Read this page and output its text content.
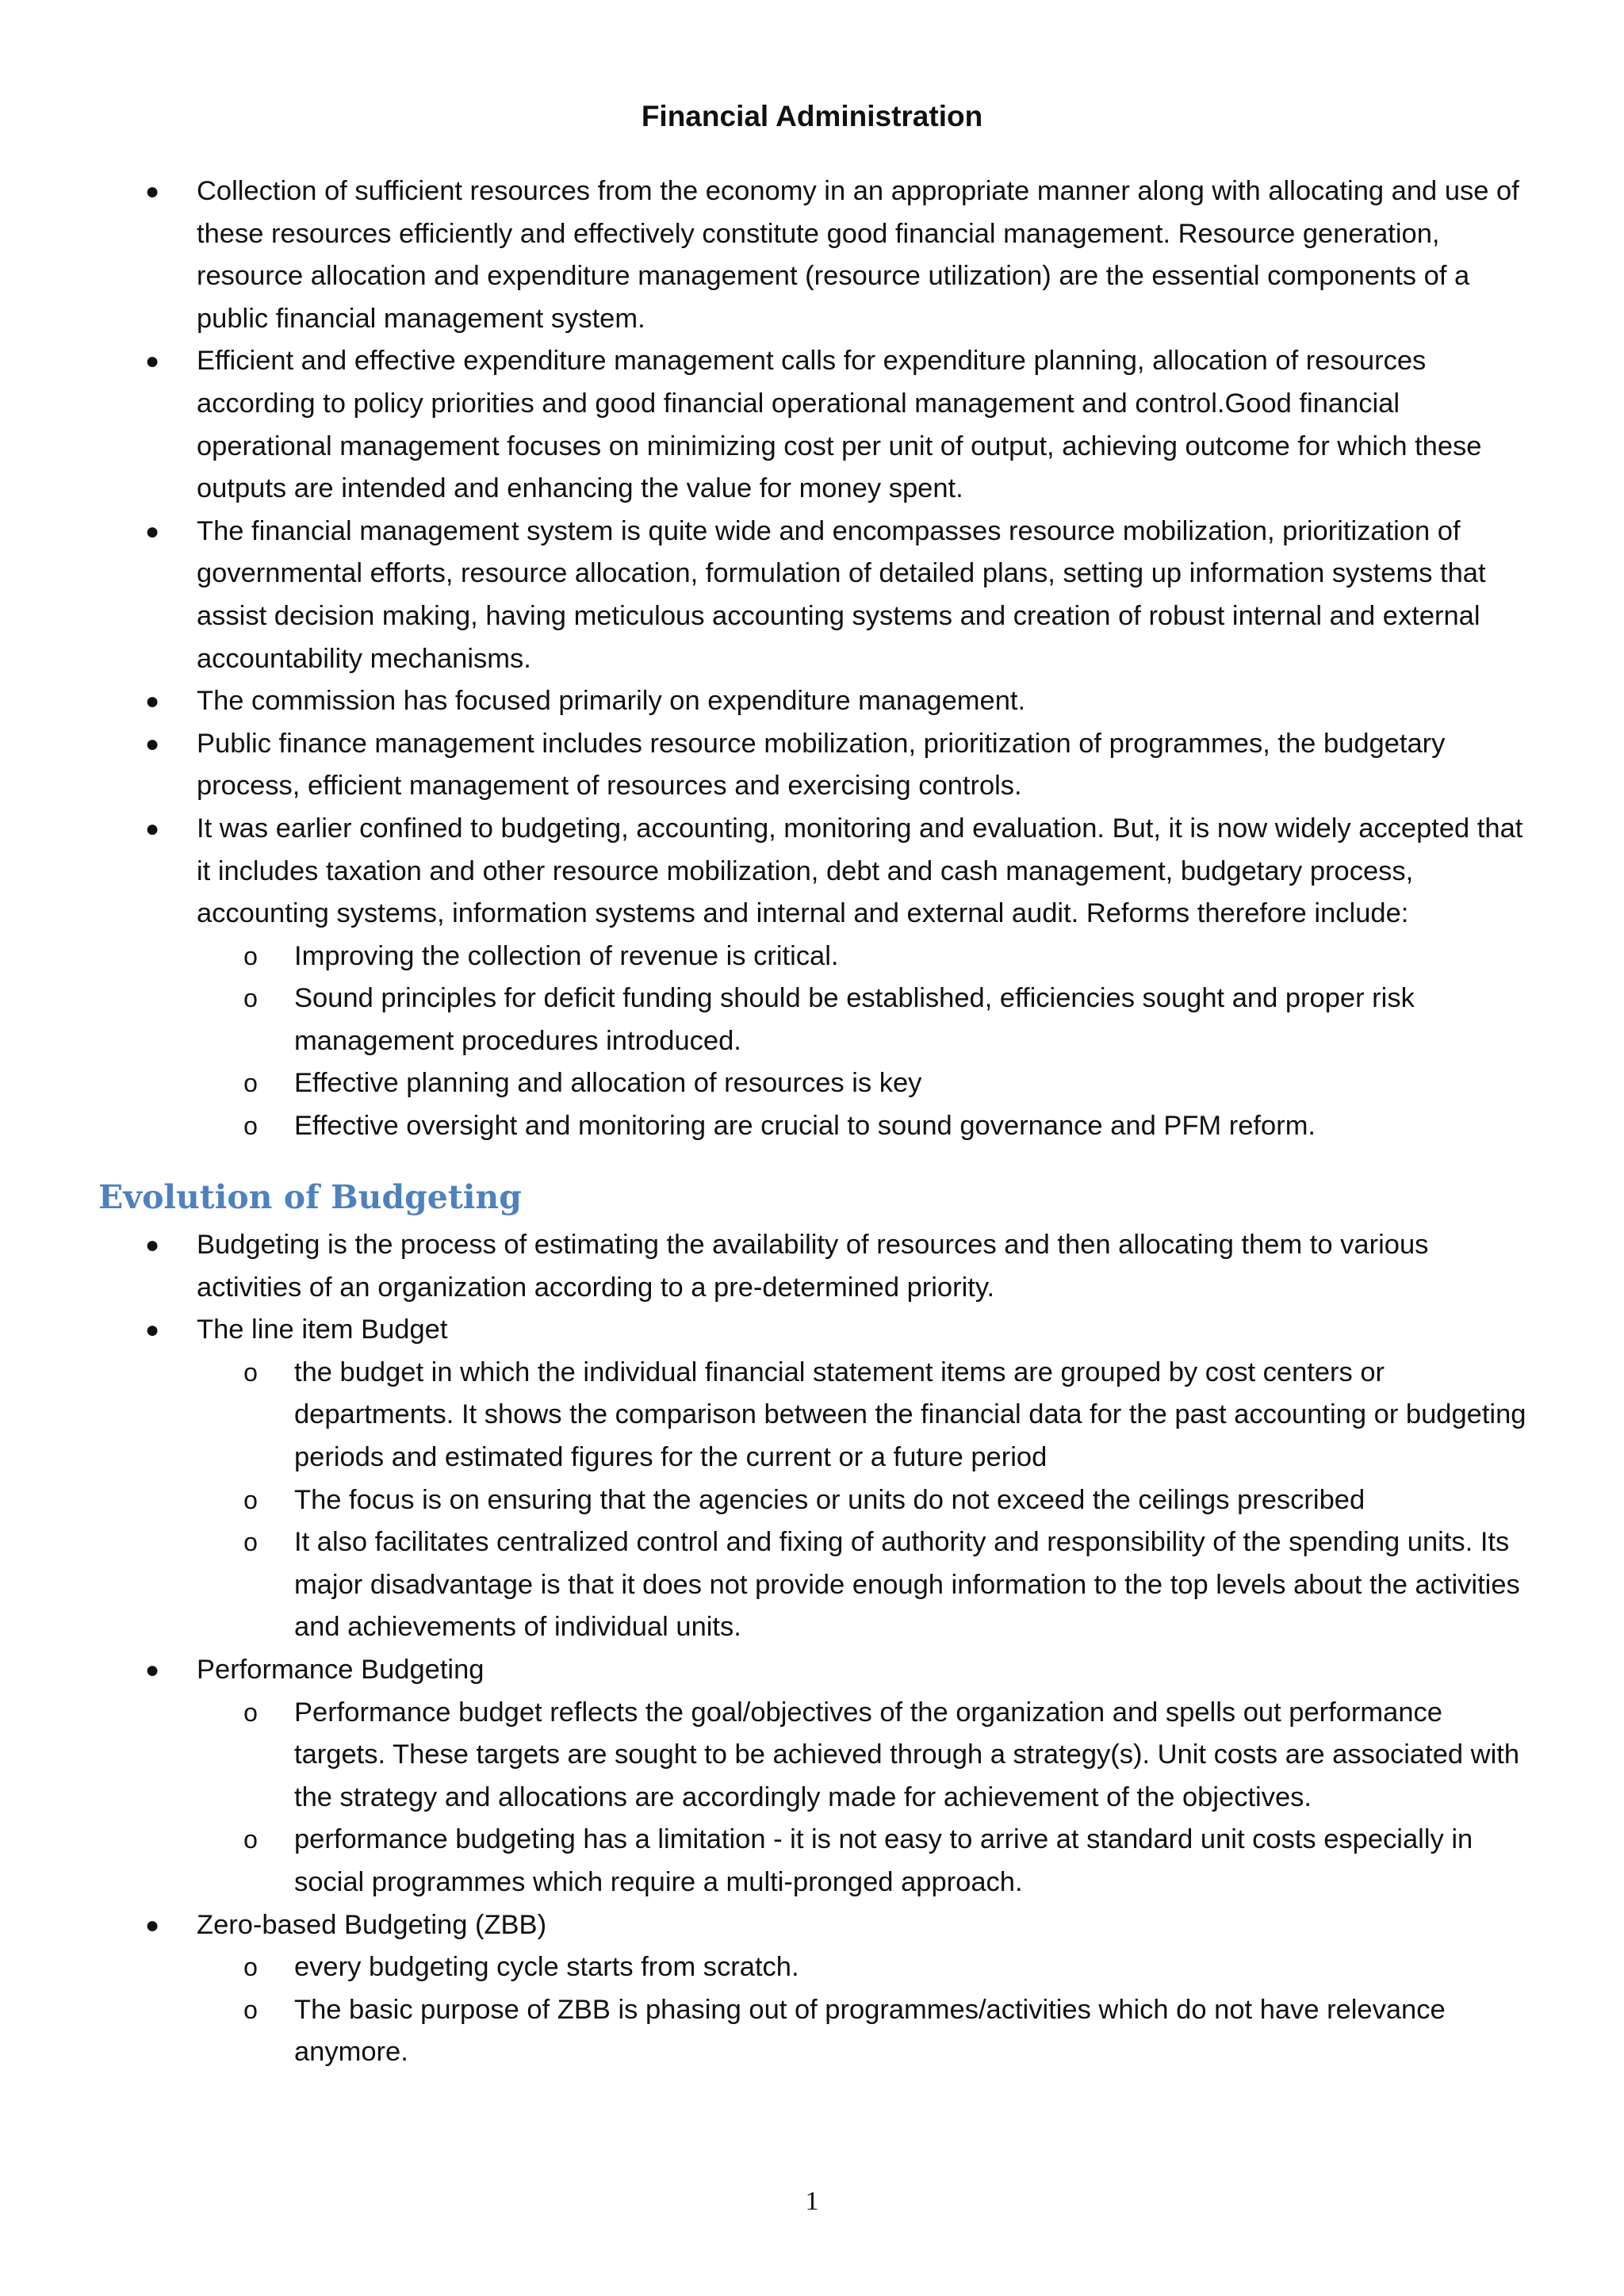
Financial Administration
● Collection of sufficient resources from the economy in an appropriate manner along with allocating and use of these resources efficiently and effectively constitute good financial management. Resource generation, resource allocation and expenditure management (resource utilization) are the essential components of a public financial management system.
● Efficient and effective expenditure management calls for expenditure planning, allocation of resources according to policy priorities and good financial operational management and control.Good financial operational management focuses on minimizing cost per unit of output, achieving outcome for which these outputs are intended and enhancing the value for money spent.
● The financial management system is quite wide and encompasses resource mobilization, prioritization of governmental efforts, resource allocation, formulation of detailed plans, setting up information systems that assist decision making, having meticulous accounting systems and creation of robust internal and external accountability mechanisms.
● The commission has focused primarily on expenditure management.
● Public finance management includes resource mobilization, prioritization of programmes, the budgetary process, efficient management of resources and exercising controls.
● It was earlier confined to budgeting, accounting, monitoring and evaluation. But, it is now widely accepted that it includes taxation and other resource mobilization, debt and cash management, budgetary process, accounting systems, information systems and internal and external audit. Reforms therefore include:
o Improving the collection of revenue is critical.
o Sound principles for deficit funding should be established, efficiencies sought and proper risk management procedures introduced.
o Effective planning and allocation of resources is key
o Effective oversight and monitoring are crucial to sound governance and PFM reform.
Evolution of Budgeting
● Budgeting is the process of estimating the availability of resources and then allocating them to various activities of an organization according to a pre-determined priority.
● The line item Budget
o the budget in which the individual financial statement items are grouped by cost centers or departments. It shows the comparison between the financial data for the past accounting or budgeting periods and estimated figures for the current or a future period
o The focus is on ensuring that the agencies or units do not exceed the ceilings prescribed
o It also facilitates centralized control and fixing of authority and responsibility of the spending units. Its major disadvantage is that it does not provide enough information to the top levels about the activities and achievements of individual units.
● Performance Budgeting
o Performance budget reflects the goal/objectives of the organization and spells out performance targets. These targets are sought to be achieved through a strategy(s). Unit costs are associated with the strategy and allocations are accordingly made for achievement of the objectives.
o performance budgeting has a limitation - it is not easy to arrive at standard unit costs especially in social programmes which require a multi-pronged approach.
● Zero-based Budgeting (ZBB)
o every budgeting cycle starts from scratch.
o The basic purpose of ZBB is phasing out of programmes/activities which do not have relevance anymore.
1
